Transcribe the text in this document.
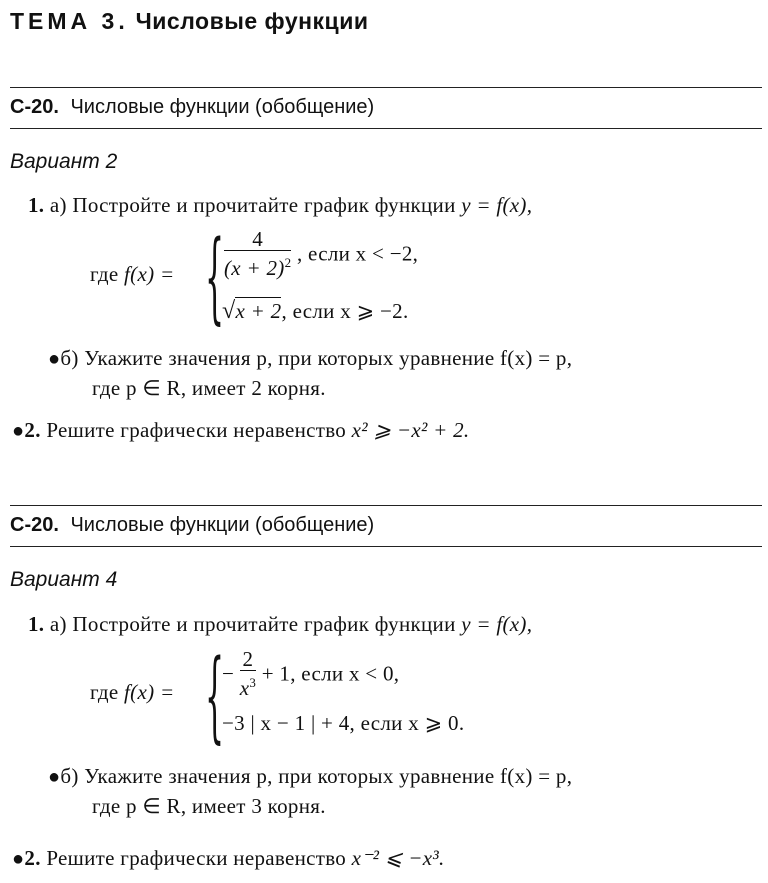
ТЕМА 3. Числовые функции
С-20. Числовые функции (обобщение)
Вариант 2
1. а) Постройте и прочитайте график функции y = f(x),
где f(x) = { $\frac{4}{(x + 2)^2}$ , если x < −2,
√x + 2, если x ⩾ −2.
●б) Укажите значения p, при которых уравнение f(x) = p,
где p ∈ R, имеет 2 корня.
●2. Решите графически неравенство x² ⩾ −x² + 2.
С-20. Числовые функции (обобщение)
Вариант 4
1. а) Постройте и прочитайте график функции y = f(x),
где f(x) = {
− $\frac{2}{x^3} + 1$, если x < 0,
−3 | x − 1 | + 4, если x ⩾ 0.
●б) Укажите значения p, при которых уравнение f(x) = p,
где p ∈ R, имеет 3 корня.
●2. Решите графически неравенство x⁻² ⩽ −x³.
